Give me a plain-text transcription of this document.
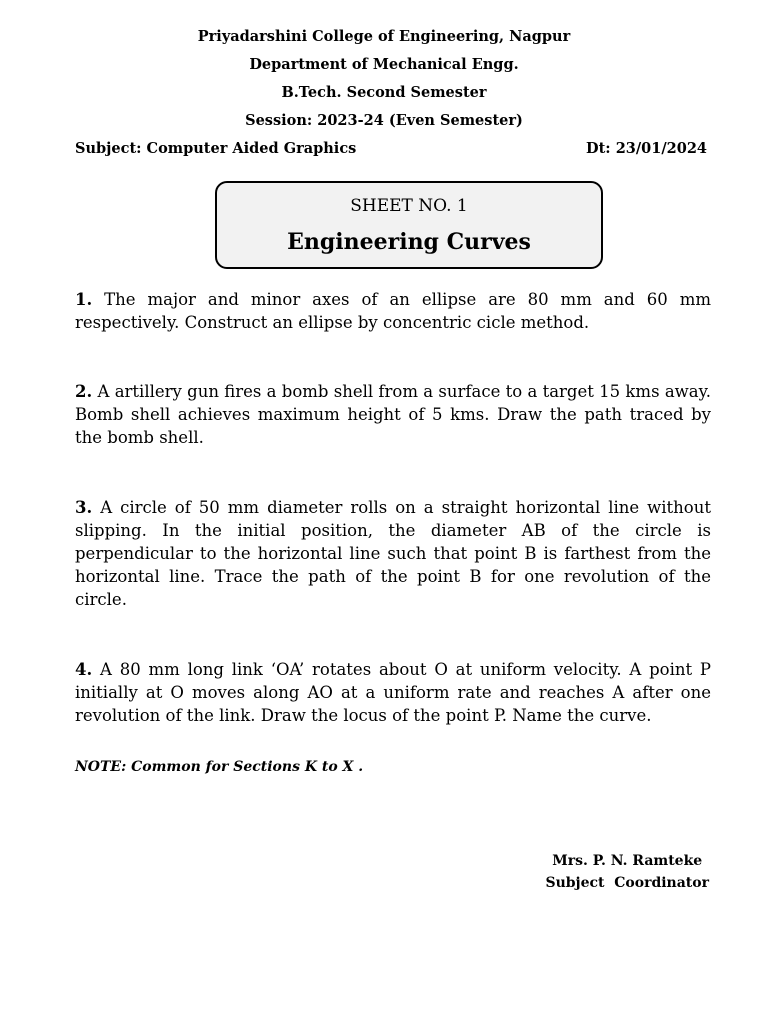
Priyadarshini College of Engineering, Nagpur
Department of Mechanical Engg.
B.Tech. Second Semester
Session: 2023-24 (Even Semester)
Subject: Computer Aided Graphics	Dt: 23/01/2024
SHEET NO. 1
Engineering Curves
1. The major and minor axes of an ellipse are 80 mm and 60 mm respectively. Construct an ellipse by concentric cicle method.
2. A artillery gun fires a bomb shell from a surface to a target 15 kms away. Bomb shell achieves maximum height of 5 kms. Draw the path traced by the bomb shell.
3. A circle of 50 mm diameter rolls on a straight horizontal line without slipping. In the initial position, the diameter AB of the circle is perpendicular to the horizontal line such that point B is farthest from the horizontal line. Trace the path of the point B for one revolution of the circle.
4. A 80 mm long link ‘OA’ rotates about O at uniform velocity. A point P initially at O moves along AO at a uniform rate and reaches A after one revolution of the link. Draw the locus of the point P. Name the curve.
NOTE: Common for Sections K to X .
Mrs. P. N. Ramteke
Subject  Coordinator
